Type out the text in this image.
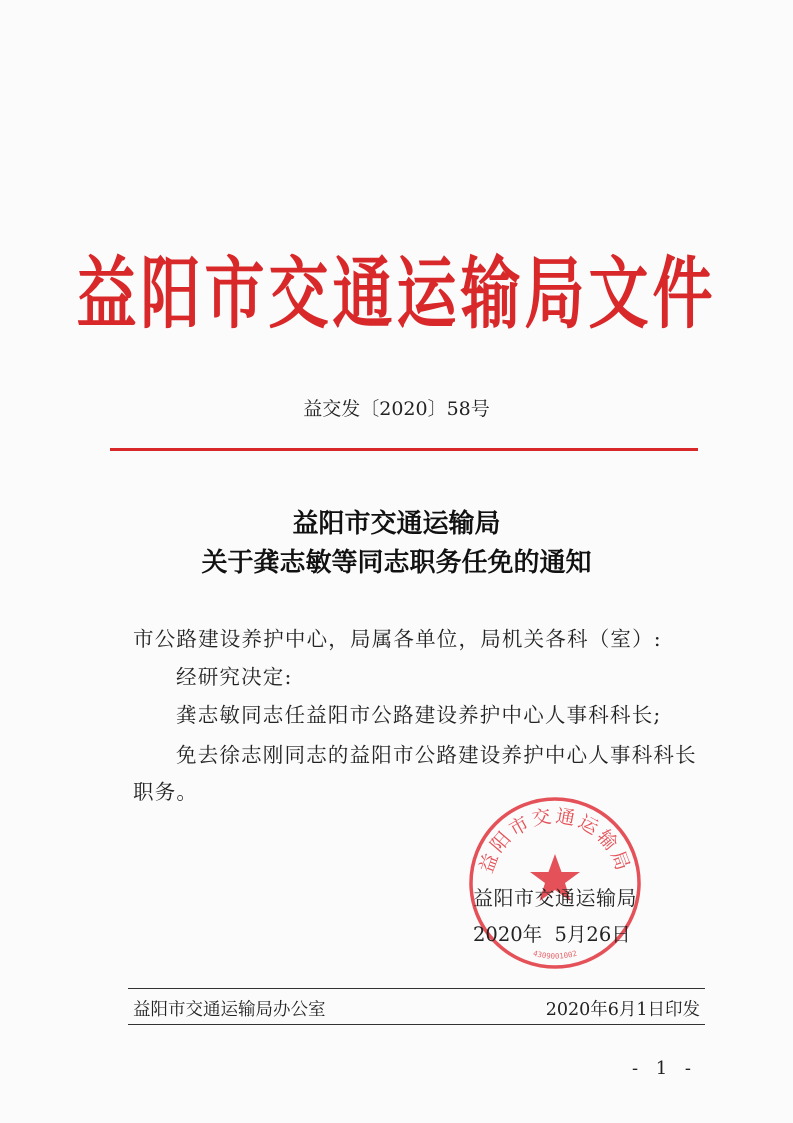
益阳市交通运输局文件
益交发〔2020〕58号
益阳市交通运输局
关于龚志敏等同志职务任免的通知
市公路建设养护中心，局属各单位，局机关各科（室）:
经研究决定:
龚志敏同志任益阳市公路建设养护中心人事科科长;
免去徐志刚同志的益阳市公路建设养护中心人事科科长
职务。
益阳市交通运输局
4309001002
益阳市交通运输局
2020年  5月26日
益阳市交通运输局办公室	2020年6月1日印发
- 1 -
